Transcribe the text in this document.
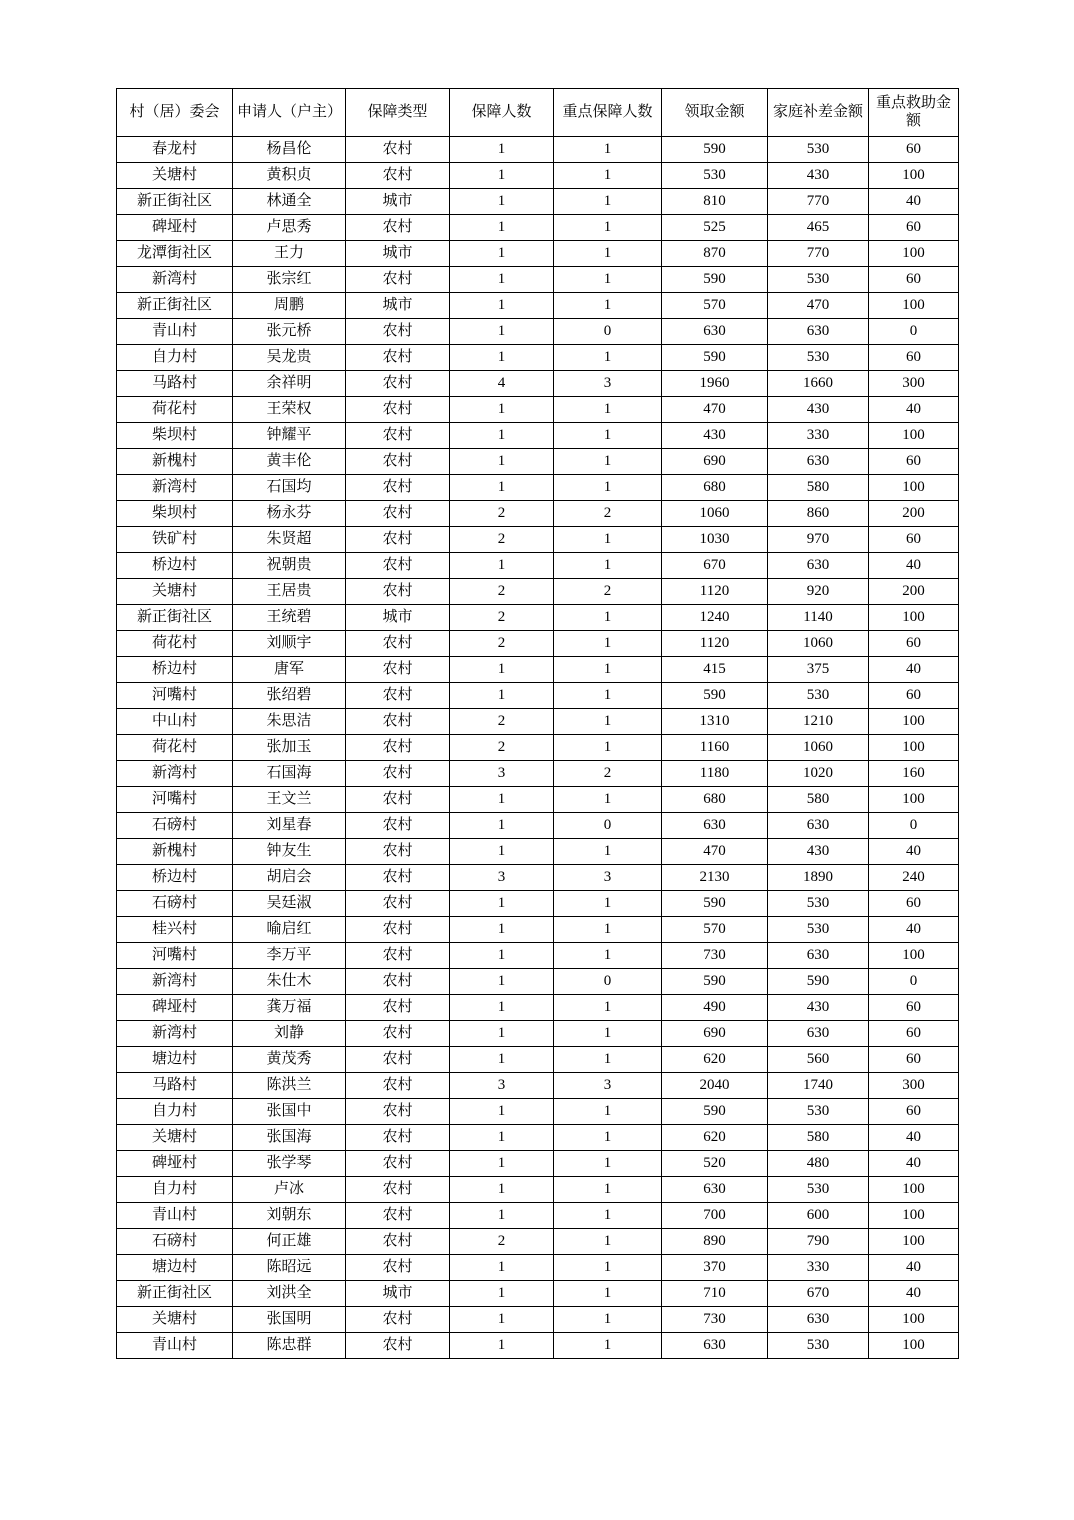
村（居）委会	申请人（户主）	保障类型	保障人数	重点保障人数	领取金额	家庭补差金额	重点救助金额
春龙村	杨昌伦	农村	1	1	590	530	60
关塘村	黄积贞	农村	1	1	530	430	100
新正街社区	林通全	城市	1	1	810	770	40
碑垭村	卢思秀	农村	1	1	525	465	60
龙潭街社区	王力	城市	1	1	870	770	100
新湾村	张宗红	农村	1	1	590	530	60
新正街社区	周鹏	城市	1	1	570	470	100
青山村	张元桥	农村	1	0	630	630	0
自力村	吴龙贵	农村	1	1	590	530	60
马路村	余祥明	农村	4	3	1960	1660	300
荷花村	王荣权	农村	1	1	470	430	40
柴坝村	钟耀平	农村	1	1	430	330	100
新槐村	黄丰伦	农村	1	1	690	630	60
新湾村	石国均	农村	1	1	680	580	100
柴坝村	杨永芬	农村	2	2	1060	860	200
铁矿村	朱贤超	农村	2	1	1030	970	60
桥边村	祝朝贵	农村	1	1	670	630	40
关塘村	王居贵	农村	2	2	1120	920	200
新正街社区	王统碧	城市	2	1	1240	1140	100
荷花村	刘顺宇	农村	2	1	1120	1060	60
桥边村	唐军	农村	1	1	415	375	40
河嘴村	张绍碧	农村	1	1	590	530	60
中山村	朱思洁	农村	2	1	1310	1210	100
荷花村	张加玉	农村	2	1	1160	1060	100
新湾村	石国海	农村	3	2	1180	1020	160
河嘴村	王文兰	农村	1	1	680	580	100
石磅村	刘星春	农村	1	0	630	630	0
新槐村	钟友生	农村	1	1	470	430	40
桥边村	胡启会	农村	3	3	2130	1890	240
石磅村	吴廷淑	农村	1	1	590	530	60
桂兴村	喻启红	农村	1	1	570	530	40
河嘴村	李万平	农村	1	1	730	630	100
新湾村	朱仕木	农村	1	0	590	590	0
碑垭村	龚万福	农村	1	1	490	430	60
新湾村	刘静	农村	1	1	690	630	60
塘边村	黄茂秀	农村	1	1	620	560	60
马路村	陈洪兰	农村	3	3	2040	1740	300
自力村	张国中	农村	1	1	590	530	60
关塘村	张国海	农村	1	1	620	580	40
碑垭村	张学琴	农村	1	1	520	480	40
自力村	卢冰	农村	1	1	630	530	100
青山村	刘朝东	农村	1	1	700	600	100
石磅村	何正雄	农村	2	1	890	790	100
塘边村	陈昭远	农村	1	1	370	330	40
新正街社区	刘洪全	城市	1	1	710	670	40
关塘村	张国明	农村	1	1	730	630	100
青山村	陈忠群	农村	1	1	630	530	100
